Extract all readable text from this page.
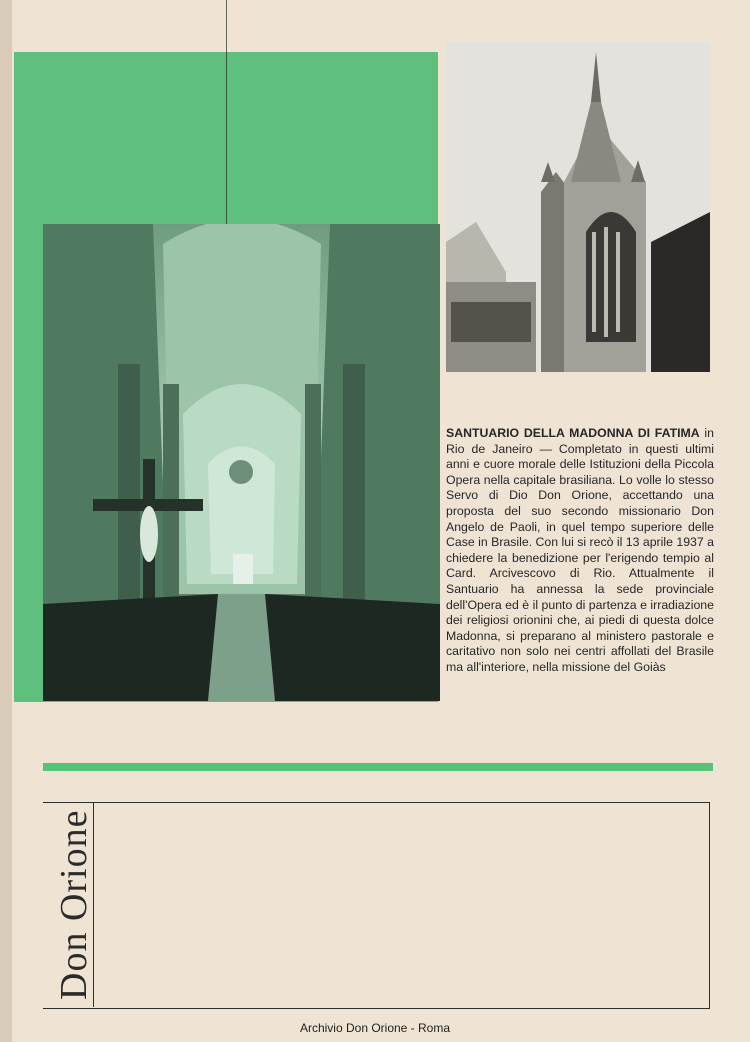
SANTUARIO DELLA MADONNA DI FATIMA in Rio de Janeiro — Completato in questi ultimi anni e cuore morale delle Istituzioni della Piccola Opera nella capitale brasiliana. Lo volle lo stesso Servo di Dio Don Orione, accettando una proposta del suo secondo missionario Don Angelo de Paoli, in quel tempo superiore delle Case in Brasile. Con lui si recò il 13 aprile 1937 a chiedere la benedizione per l'erigendo tempio al Card. Arcivescovo di Rio. Attualmente il Santuario ha annessa la sede provinciale dell'Opera ed è il punto di partenza e irradiazione dei religiosi orionini che, ai piedi di questa dolce Madonna, si preparano al ministero pastorale e caritativo non solo nei centri affollati del Brasile ma all'interiore, nella missione del Goiàs

Don Orione
Archivio Don Orione - Roma
